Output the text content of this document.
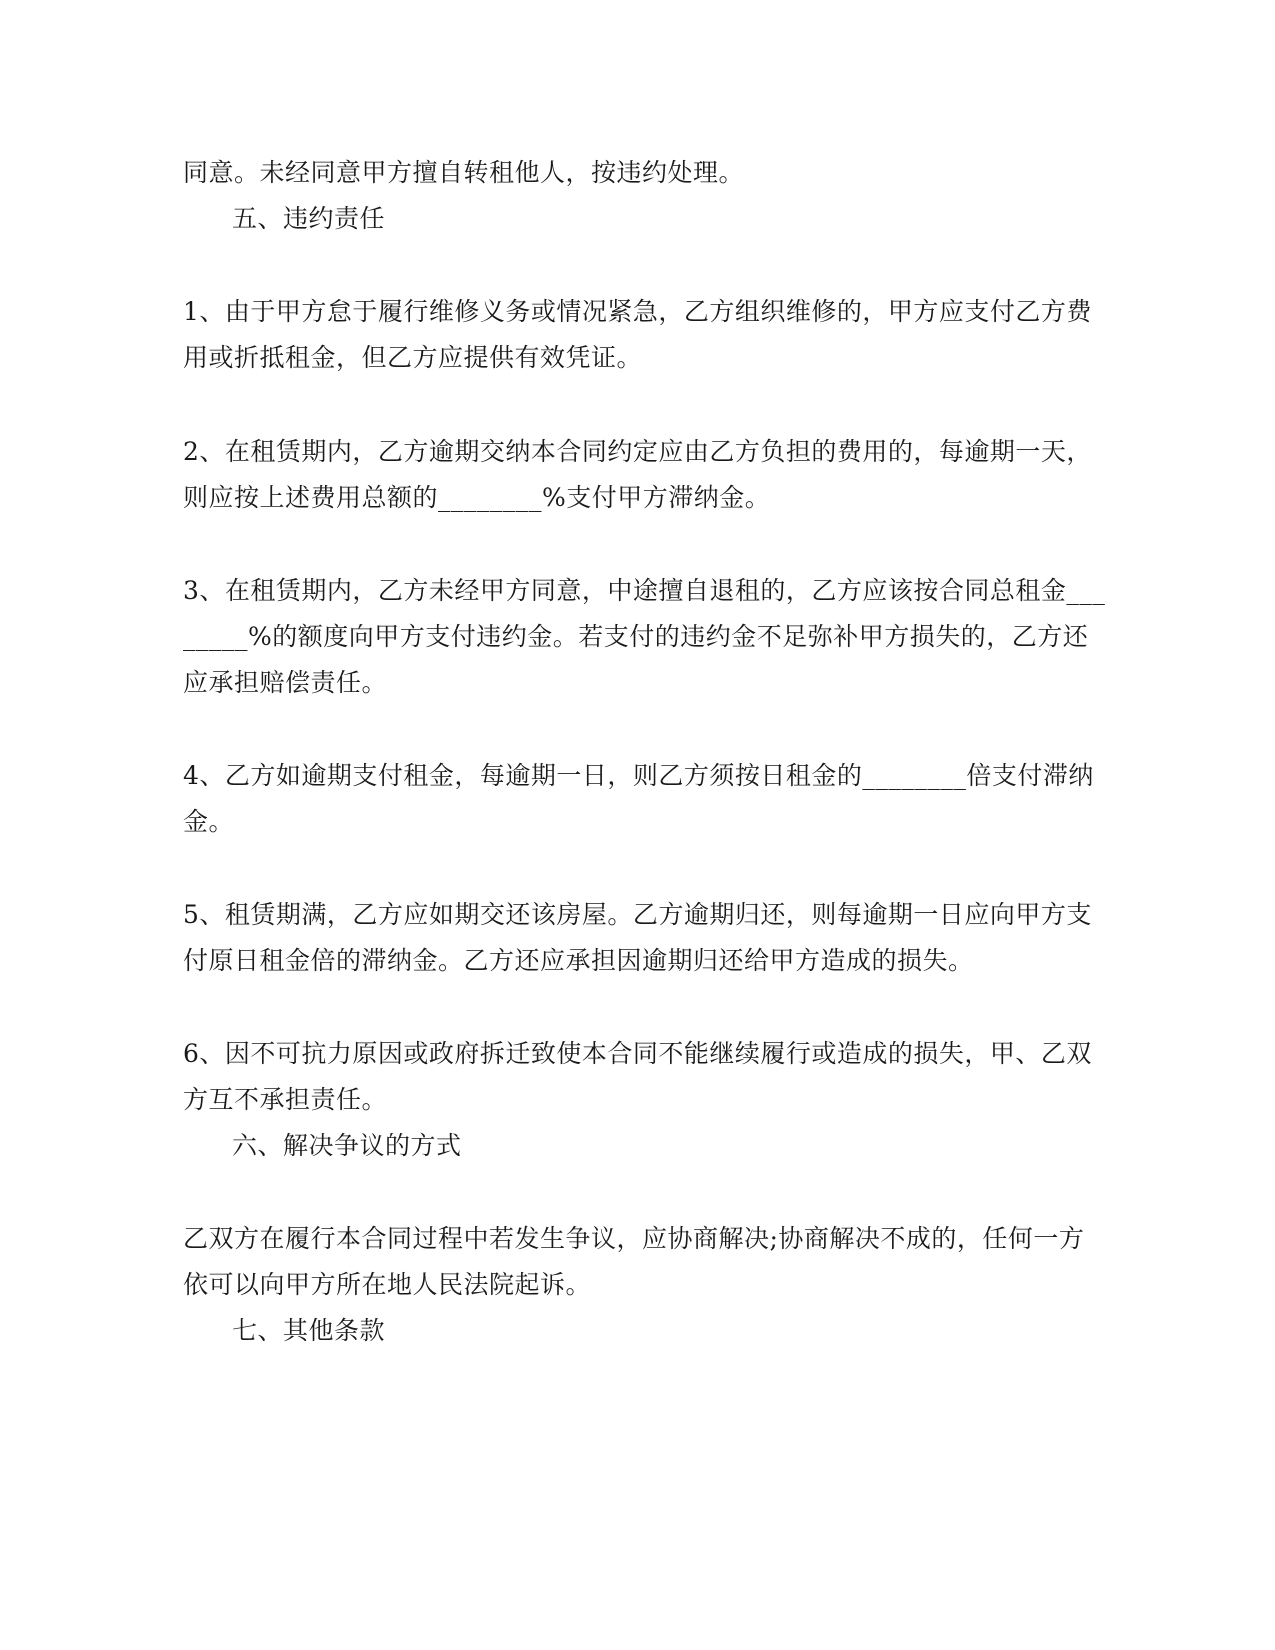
同意。未经同意甲方擅自转租他人，按违约处理。
五、违约责任
1、由于甲方怠于履行维修义务或情况紧急，乙方组织维修的，甲方应支付乙方费
用或折抵租金，但乙方应提供有效凭证。
2、在租赁期内，乙方逾期交纳本合同约定应由乙方负担的费用的，每逾期一天，
则应按上述费用总额的________%支付甲方滞纳金。
3、在租赁期内，乙方未经甲方同意，中途擅自退租的，乙方应该按合同总租金___
_____%的额度向甲方支付违约金。若支付的违约金不足弥补甲方损失的，乙方还
应承担赔偿责任。
4、乙方如逾期支付租金，每逾期一日，则乙方须按日租金的________倍支付滞纳
金。
5、租赁期满，乙方应如期交还该房屋。乙方逾期归还，则每逾期一日应向甲方支
付原日租金倍的滞纳金。乙方还应承担因逾期归还给甲方造成的损失。
6、因不可抗力原因或政府拆迁致使本合同不能继续履行或造成的损失，甲、乙双
方互不承担责任。
六、解决争议的方式
乙双方在履行本合同过程中若发生争议，应协商解决;协商解决不成的，任何一方
依可以向甲方所在地人民法院起诉。
七、其他条款
